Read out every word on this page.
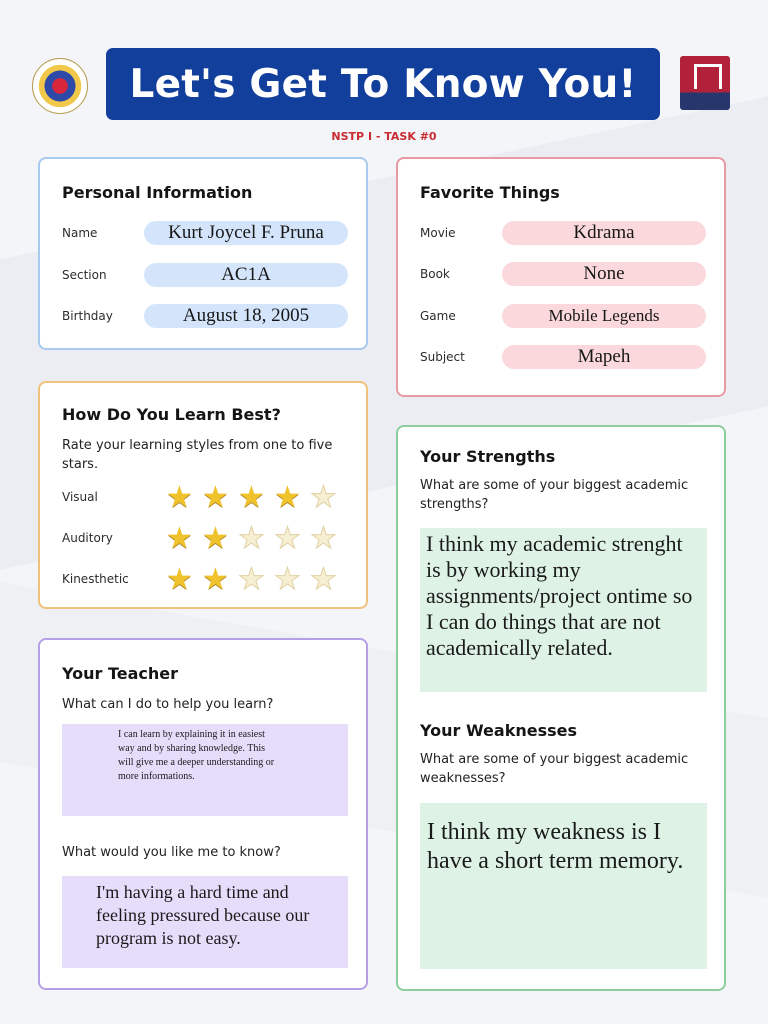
Let's Get To Know You!
NSTP I - TASK #0
Personal Information
Name	Kurt Joycel F. Pruna
Section	AC1A
Birthday	August 18, 2005
Favorite Things
Movie	Kdrama
Book	None
Game	Mobile Legends
Subject	Mapeh
How Do You Learn Best?
Rate your learning styles from one to five stars.
Visual ★ ★ ★ ★ ★
Auditory ★ ★ ★ ★ ★
Kinesthetic ★ ★ ★ ★ ★
Your Strengths
What are some of your biggest academic strengths?
I think my academic strenght is by working my assignments/project ontime so I can do things that are not academically related.
Your Weaknesses
What are some of your biggest academic weaknesses?
I think my weakness is I have a short term memory.
Your Teacher
What can I do to help you learn?
I can learn by explaining it in easiest way and by sharing knowledge. This will give me a deeper understanding or more informations.
What would you like me to know?
I'm having a hard time and feeling pressured because our program is not easy.
